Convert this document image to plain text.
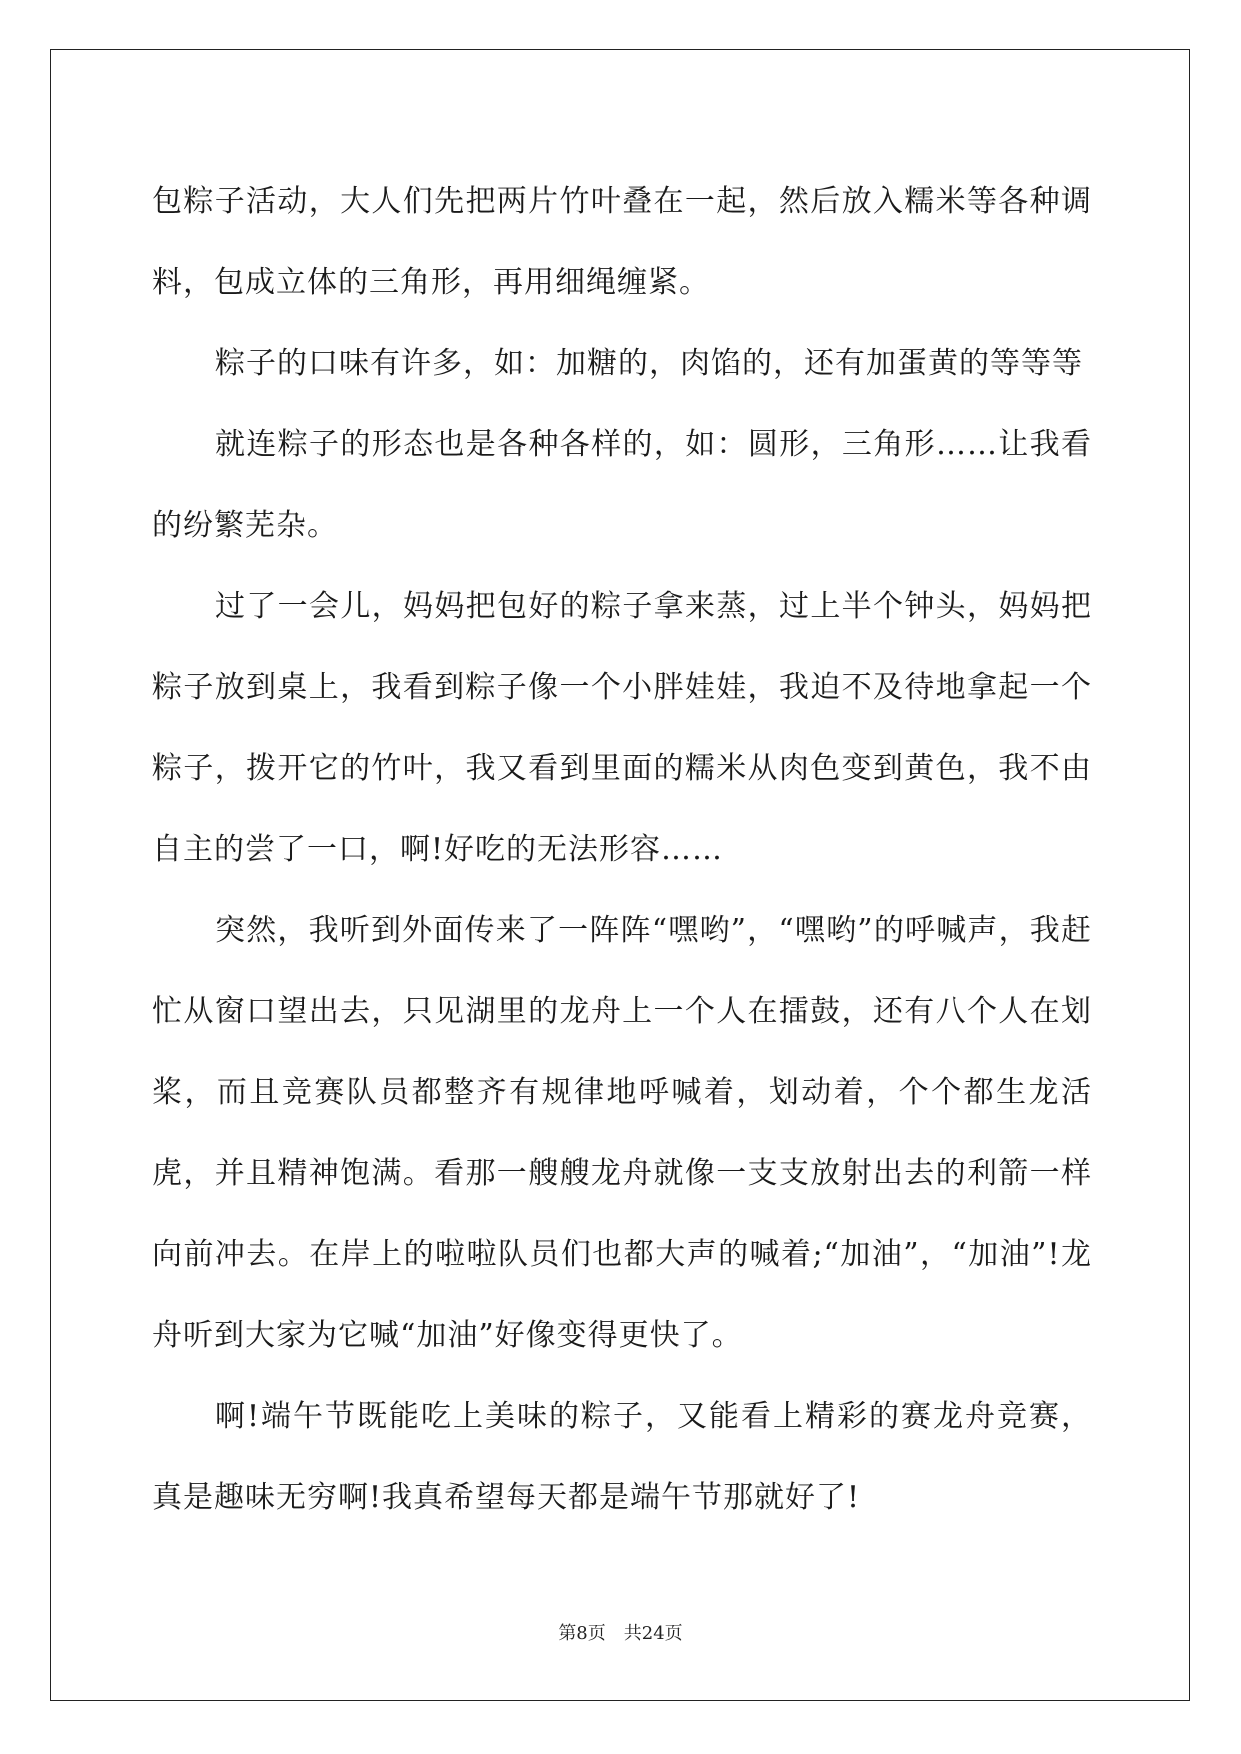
包粽子活动，大人们先把两片竹叶叠在一起，然后放入糯米等各种调料，包成立体的三角形，再用细绳缠紧。

粽子的口味有许多，如：加糖的，肉馅的，还有加蛋黄的等等等

就连粽子的形态也是各种各样的，如：圆形，三角形……让我看的纷繁芜杂。

过了一会儿，妈妈把包好的粽子拿来蒸，过上半个钟头，妈妈把粽子放到桌上，我看到粽子像一个小胖娃娃，我迫不及待地拿起一个粽子，拨开它的竹叶，我又看到里面的糯米从肉色变到黄色，我不由自主的尝了一口，啊!好吃的无法形容……

突然，我听到外面传来了一阵阵“嘿哟”，“嘿哟”的呼喊声，我赶忙从窗口望出去，只见湖里的龙舟上一个人在擂鼓，还有八个人在划桨，而且竞赛队员都整齐有规律地呼喊着，划动着，个个都生龙活虎，并且精神饱满。看那一艘艘龙舟就像一支支放射出去的利箭一样向前冲去。在岸上的啦啦队员们也都大声的喊着;“加油”，“加油”!龙舟听到大家为它喊“加油”好像变得更快了。

啊!端午节既能吃上美味的粽子，又能看上精彩的赛龙舟竞赛，真是趣味无穷啊!我真希望每天都是端午节那就好了!

第8页　共24页
